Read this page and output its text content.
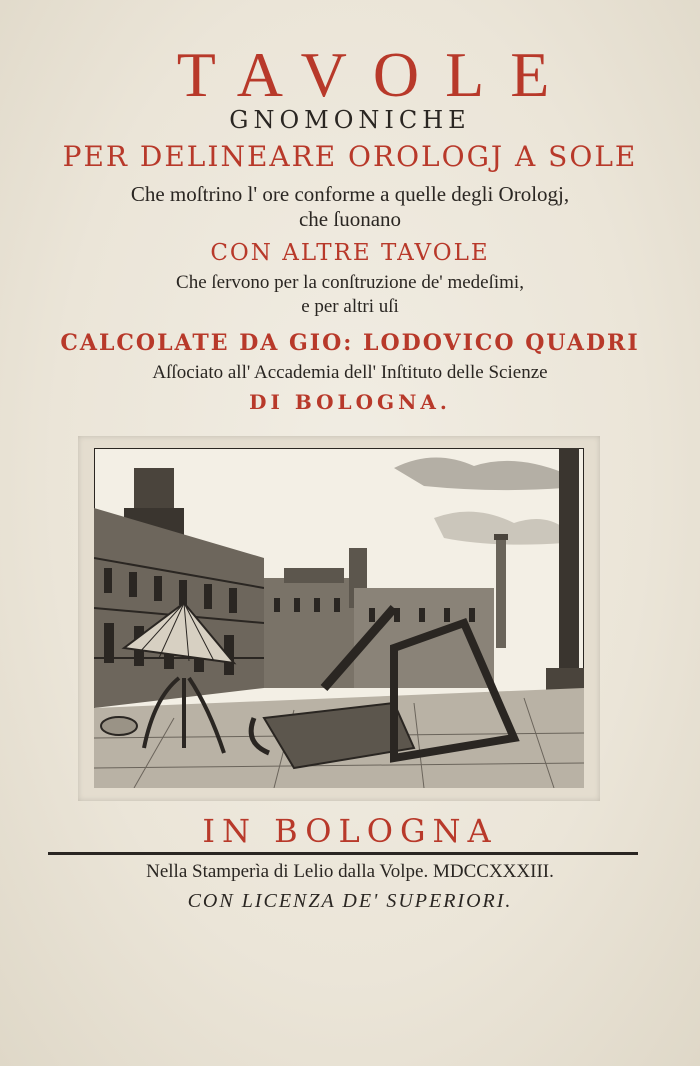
TAVOLE
GNOMONICHE
PER DELINEARE OROLOGJ A SOLE
Che moſtrino l' ore conforme a quelle degli Orologj,
che ſuonano
CON ALTRE TAVOLE
Che ſervono per la conſtruzione de' medeſimi,
e per altri uſi
CALCOLATE DA GIO: LODOVICO QUADRI
Aſſociato all' Accademia dell' Inſtituto delle Scienze
DI BOLOGNA.
IN BOLOGNA
Nella Stamperìa di Lelio dalla Volpe. MDCCXXXIII.
CON LICENZA DE' SUPERIORI.
